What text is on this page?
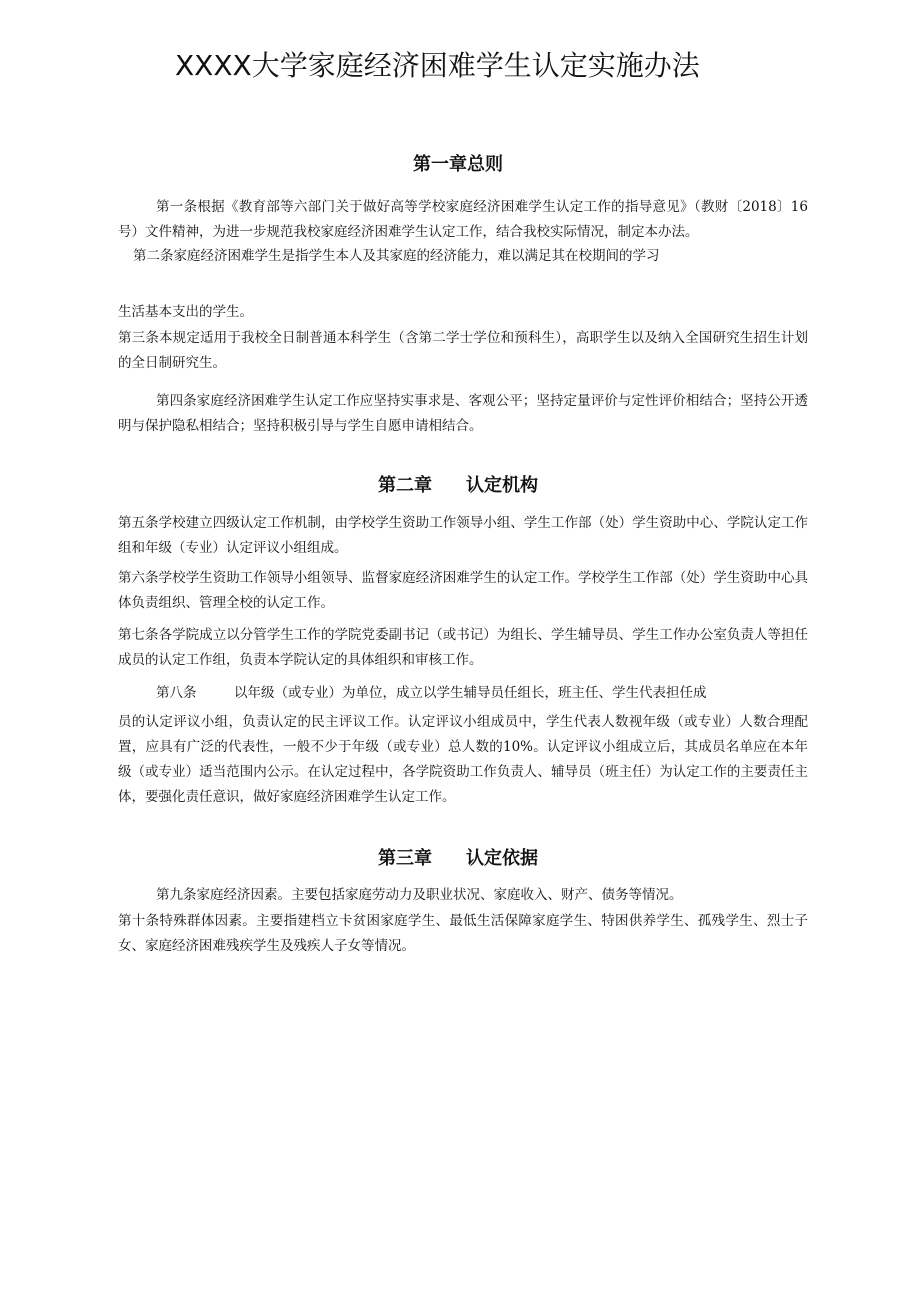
XXXX大学家庭经济困难学生认定实施办法
第一章总则
第一条根据《教育部等六部门关于做好高等学校家庭经济困难学生认定工作的指导意见》（教财〔2018〕16号）文件精神，为进一步规范我校家庭经济困难学生认定工作，结合我校实际情况，制定本办法。
第二条家庭经济困难学生是指学生本人及其家庭的经济能力，难以满足其在校期间的学习
生活基本支出的学生。
第三条本规定适用于我校全日制普通本科学生（含第二学士学位和预科生），高职学生以及纳入全国研究生招生计划的全日制研究生。
第四条家庭经济困难学生认定工作应坚持实事求是、客观公平；坚持定量评价与定性评价相结合；坚持公开透明与保护隐私相结合；坚持积极引导与学生自愿申请相结合。
第二章 认定机构
第五条学校建立四级认定工作机制，由学校学生资助工作领导小组、学生工作部（处）学生资助中心、学院认定工作组和年级（专业）认定评议小组组成。
第六条学校学生资助工作领导小组领导、监督家庭经济困难学生的认定工作。学校学生工作部（处）学生资助中心具体负责组织、管理全校的认定工作。
第七条各学院成立以分管学生工作的学院党委副书记（或书记）为组长、学生辅导员、学生工作办公室负责人等担任成员的认定工作组，负责本学院认定的具体组织和审核工作。
第八条	以年级（或专业）为单位，成立以学生辅导员任组长，班主任、学生代表担任成
员的认定评议小组，负责认定的民主评议工作。认定评议小组成员中，学生代表人数视年级（或专业）人数合理配置，应具有广泛的代表性，一般不少于年级（或专业）总人数的10%。认定评议小组成立后，其成员名单应在本年级（或专业）适当范围内公示。在认定过程中，各学院资助工作负责人、辅导员（班主任）为认定工作的主要责任主体，要强化责任意识，做好家庭经济困难学生认定工作。
第三章 认定依据
第九条家庭经济因素。主要包括家庭劳动力及职业状况、家庭收入、财产、债务等情况。
第十条特殊群体因素。主要指建档立卡贫困家庭学生、最低生活保障家庭学生、特困供养学生、孤残学生、烈士子女、家庭经济困难残疾学生及残疾人子女等情况。
